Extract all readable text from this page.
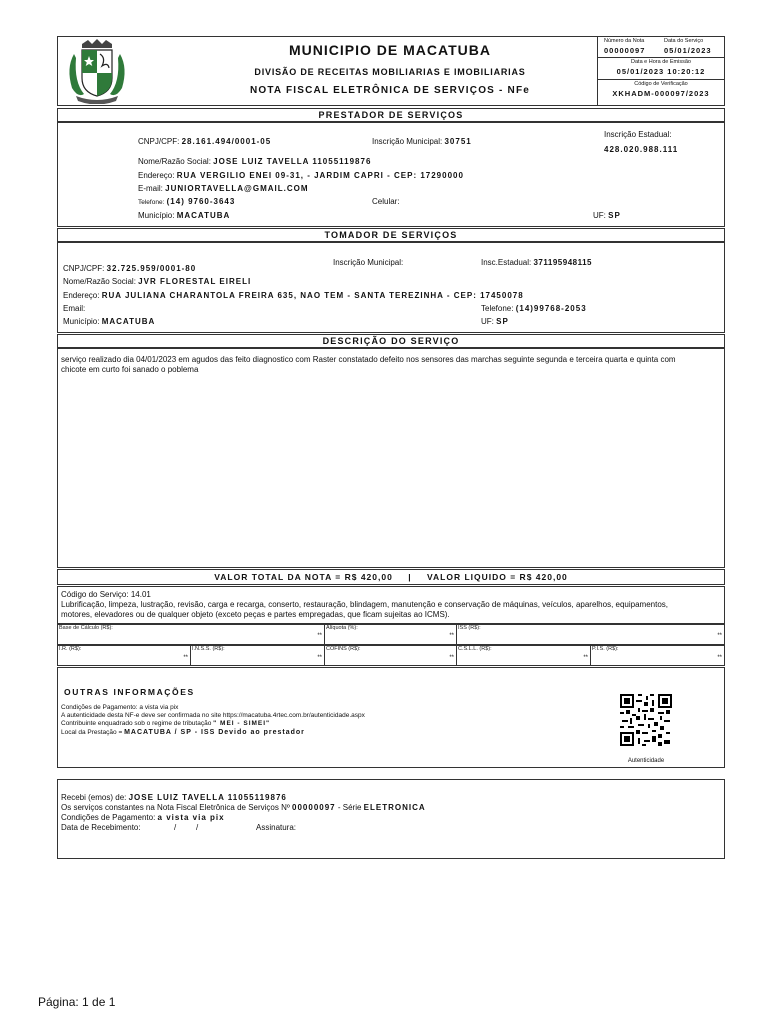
MUNICIPIO DE MACATUBA
DIVISÃO DE RECEITAS MOBILIARIAS E IMOBILIARIAS
NOTA FISCAL ELETRÔNICA DE SERVIÇOS - NFe
Número da Nota	Data do Serviço
00000097 05/01/2023
Data e Hora de Emissão
05/01/2023 10:20:12
Código de Verificação
XKHADM-000097/2023
PRESTADOR DE SERVIÇOS
CNPJ/CPF: 28.161.494/0001-05	Inscrição Municipal: 30751
Inscrição Estadual:
428.020.988.111
Nome/Razão Social: JOSE LUIZ TAVELLA 11055119876
Endereço: RUA VERGILIO ENEI 09-31, - JARDIM CAPRI - CEP: 17290000
E-mail: JUNIORTAVELLA@GMAIL.COM
Telefone: (14) 9760-3643	Celular:
Município: MACATUBA	UF: SP
TOMADOR DE SERVIÇOS
Inscrição Municipal:	Insc.Estadual: 371195948115
CNPJ/CPF: 32.725.959/0001-80
Nome/Razão Social: JVR FLORESTAL EIRELI
Endereço: RUA JULIANA CHARANTOLA FREIRA 635, NAO TEM - SANTA TEREZINHA - CEP: 17450078
Email:	Telefone: (14)99768-2053
Município: MACATUBA	UF: SP
DESCRIÇÃO DO SERVIÇO
serviço realizado dia 04/01/2023 em agudos das feito diagnostico com Raster constatado defeito nos sensores das marchas seguinte segunda e terceira quarta e quinta com chicote em curto foi sanado o poblema
VALOR TOTAL DA NOTA = R$ 420,00 | VALOR LIQUIDO = R$ 420,00
Código do Serviço: 14.01
Lubrificação, limpeza, lustração, revisão, carga e recarga, conserto, restauração, blindagem, manutenção e conservação de máquinas, veículos, aparelhos, equipamentos, motores, elevadores ou de qualquer objeto (exceto peças e partes empregadas, que ficam sujeitas ao ICMS).
Base de Cálculo (R$):
**
Alíquota (%):
**
ISS (R$):
**
I.R. (R$):
**
I.N.S.S. (R$):
**
COFINS (R$):
**
C.S.L.L. (R$):
**
P.I.S. (R$):
**
OUTRAS INFORMAÇÕES
Condições de Pagamento: a vista via pix
A autenticidade desta NF-e deve ser confirmada no site https://macatuba.4rtec.com.br/autenticidade.aspx
Contribuinte enquadrado sob o regime de tributação " MEI - SIMEI"
Local da Prestação = MACATUBA / SP - ISS Devido ao prestador
Autenticidade
Recebi (emos) de: JOSE LUIZ TAVELLA 11055119876
Os serviços constantes na Nota Fiscal Eletrônica de Serviços Nº 00000097 - Série ELETRONICA
Condições de Pagamento: a vista via pix
Data de Recebimento:	/ /	Assinatura:
Página: 1 de 1
